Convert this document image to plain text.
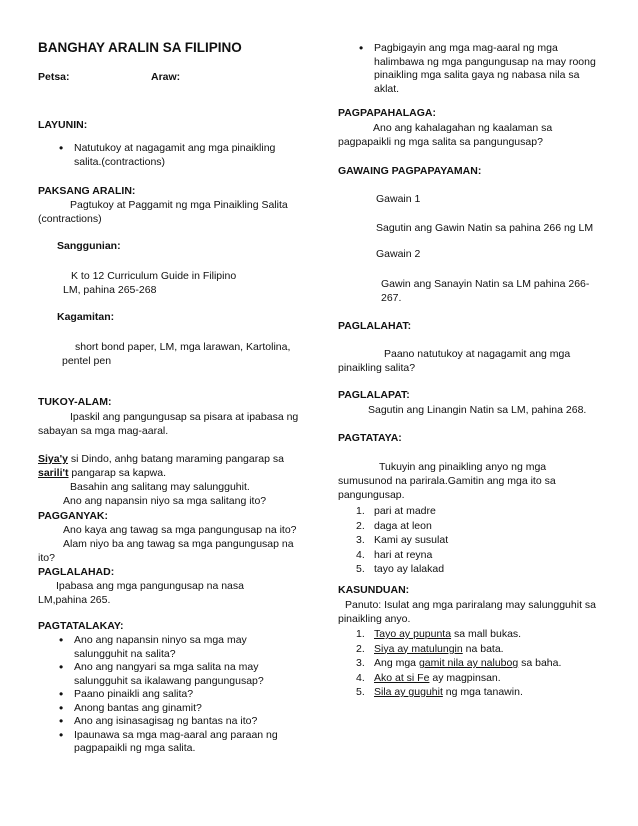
BANGHAY ARALIN SA FILIPINO
Petsa:	Araw:
LAYUNIN:
• Natutukoy at nagagamit ang mga pinaikling salita.(contractions)
PAKSANG ARALIN:
Pagtukoy at Paggamit ng mga Pinaikling Salita
(contractions)
Sanggunian:
K to 12 Curriculum Guide in Filipino
LM, pahina 265-268
Kagamitan:
short bond paper, LM, mga larawan, Kartolina,
pentel pen
TUKOY-ALAM:
Ipaskil ang pangungusap sa pisara at ipabasa ng
sabayan sa mga mag-aaral.
Siya'y si Dindo, anhg batang maraming pangarap sa
sarili't pangarap sa kapwa.
Basahin ang salitang may salungguhit.
Ano ang napansin niyo sa mga salitang ito?
PAGGANYAK:
Ano kaya ang tawag sa mga pangungusap na ito?
Alam niyo ba ang tawag sa mga pangungusap na
ito?
PAGLALAHAD:
Ipabasa ang mga pangungusap na nasa
LM,pahina 265.
PAGTATALAKAY:
• Ano ang napansin ninyo sa mga may salungguhit na salita?
• Ano ang nangyari sa mga salita na may salungguhit sa ikalawang pangungusap?
• Paano pinaikli ang salita?
• Anong bantas ang ginamit?
• Ano ang isinasagisag ng bantas na ito?
• Ipaunawa sa mga mag-aaral ang paraan ng pagpapaikli ng mga salita.
• Pagbigayin ang mga mag-aaral ng mga halimbawa ng mga pangungusap na may roong pinaikling mga salita gaya ng nabasa nila sa aklat.
PAGPAPAHALAGA:
Ano ang kahalagahan ng kaalaman sa
pagpapaikli ng mga salita sa pangungusap?
GAWAING PAGPAPAYAMAN:
Gawain 1
Sagutin ang Gawin Natin sa pahina 266 ng LM
Gawain 2
Gawin ang Sanayin Natin sa LM pahina 266-
267.
PAGLALAHAT:
Paano natutukoy at nagagamit ang mga
pinaikling salita?
PAGLALAPAT:
Sagutin ang Linangin Natin sa LM, pahina 268.
PAGTATAYA:
Tukuyin ang pinaikling anyo ng mga
sumusunod na parirala.Gamitin ang mga ito sa
pangungusap.
1. pari at madre
2. daga at leon
3. Kami ay susulat
4. hari at reyna
5. tayo ay lalakad
KASUNDUAN:
Panuto: Isulat ang mga pariralang may salungguhit sa
pinaikling anyo.
1. Tayo ay pupunta sa mall bukas.
2. Siya ay matulungin na bata.
3. Ang mga gamit nila ay nalubog sa baha.
4. Ako at si Fe ay magpinsan.
5. Sila ay guguhit ng mga tanawin.
